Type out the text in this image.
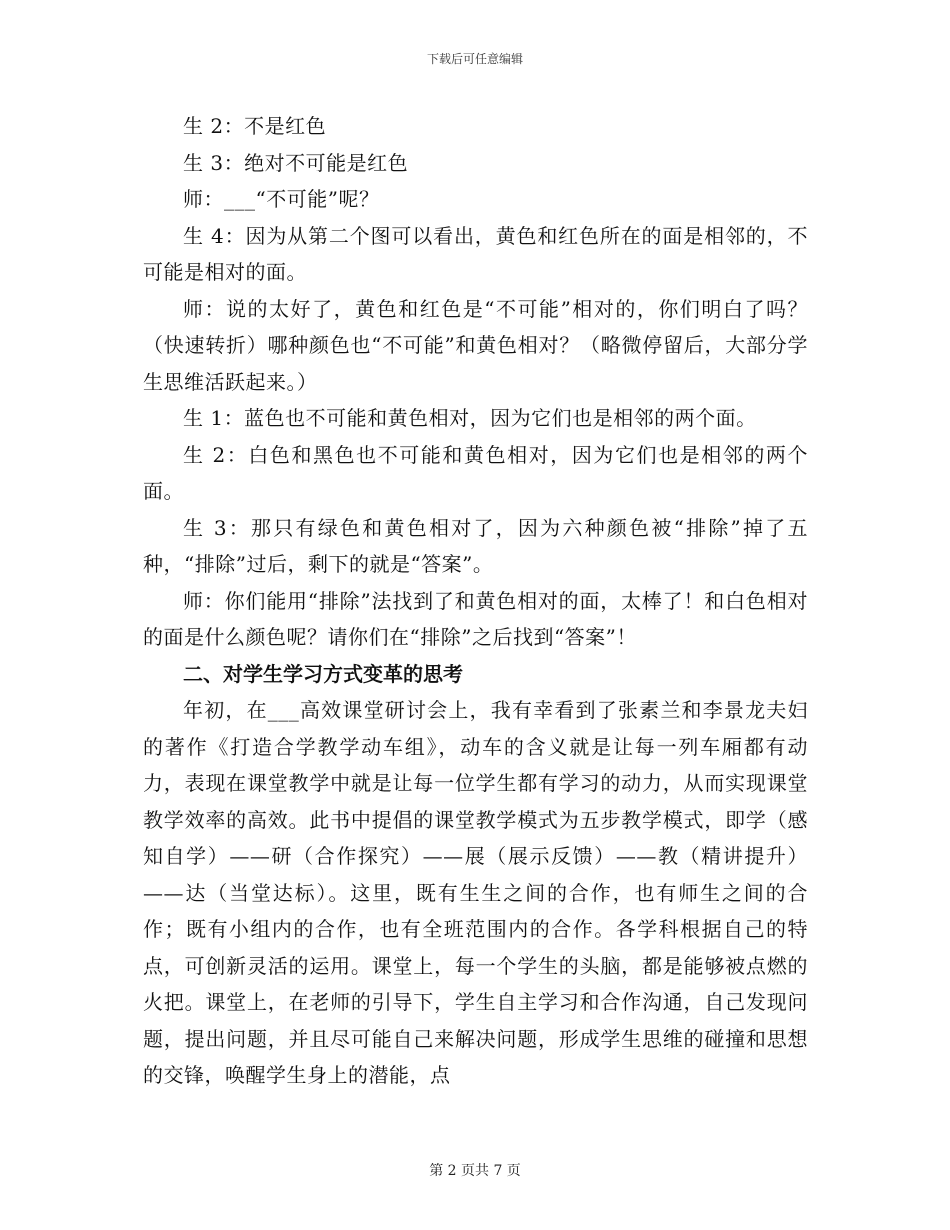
下载后可任意编辑

生 2：不是红色

生 3：绝对不可能是红色

师：___“不可能”呢？

生 4：因为从第二个图可以看出，黄色和红色所在的面是相邻的，不可能是相对的面。

师：说的太好了，黄色和红色是“不可能”相对的，你们明白了吗？（快速转折）哪种颜色也“不可能”和黄色相对？（略微停留后，大部分学生思维活跃起来。）

生 1：蓝色也不可能和黄色相对，因为它们也是相邻的两个面。

生 2：白色和黑色也不可能和黄色相对，因为它们也是相邻的两个面。

生 3：那只有绿色和黄色相对了，因为六种颜色被“排除”掉了五种，“排除”过后，剩下的就是“答案”。

师：你们能用“排除”法找到了和黄色相对的面，太棒了！和白色相对的面是什么颜色呢？请你们在“排除”之后找到“答案”！

二、对学生学习方式变革的思考

年初，在___高效课堂研讨会上，我有幸看到了张素兰和李景龙夫妇的著作《打造合学教学动车组》，动车的含义就是让每一列车厢都有动力，表现在课堂教学中就是让每一位学生都有学习的动力，从而实现课堂教学效率的高效。此书中提倡的课堂教学模式为五步教学模式，即学（感知自学）——研（合作探究）——展（展示反馈）——教（精讲提升）——达（当堂达标）。这里，既有生生之间的合作，也有师生之间的合作；既有小组内的合作，也有全班范围内的合作。各学科根据自己的特点，可创新灵活的运用。课堂上，每一个学生的头脑，都是能够被点燃的火把。课堂上，在老师的引导下，学生自主学习和合作沟通，自己发现问题，提出问题，并且尽可能自己来解决问题，形成学生思维的碰撞和思想的交锋，唤醒学生身上的潜能，点

第 2 页共 7 页
